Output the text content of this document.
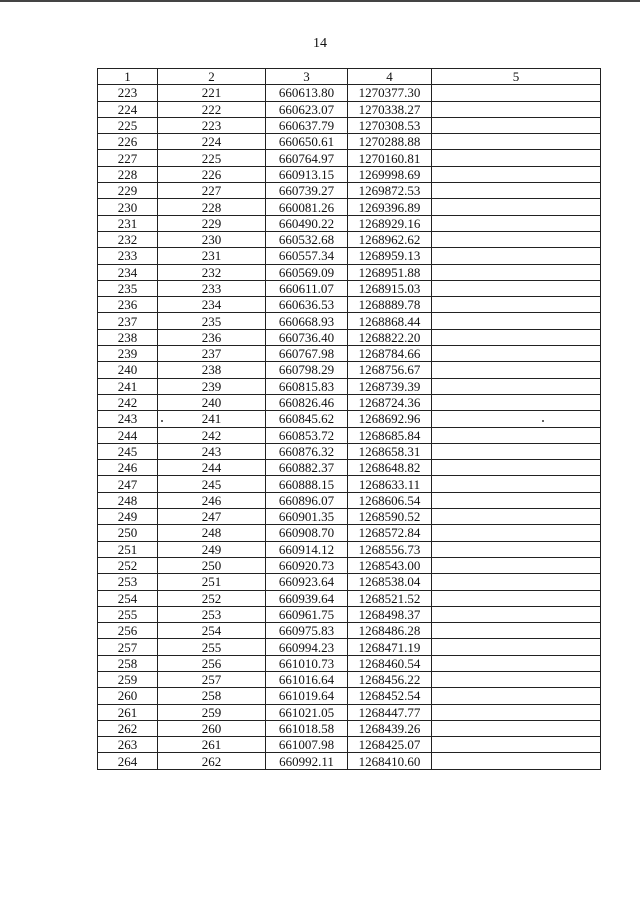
14
1	2	3	4	5
223	221	660613.80	1270377.30	
224	222	660623.07	1270338.27	
225	223	660637.79	1270308.53	
226	224	660650.61	1270288.88	
227	225	660764.97	1270160.81	
228	226	660913.15	1269998.69	
229	227	660739.27	1269872.53	
230	228	660081.26	1269396.89	
231	229	660490.22	1268929.16	
232	230	660532.68	1268962.62	
233	231	660557.34	1268959.13	
234	232	660569.09	1268951.88	
235	233	660611.07	1268915.03	
236	234	660636.53	1268889.78	
237	235	660668.93	1268868.44	
238	236	660736.40	1268822.20	
239	237	660767.98	1268784.66	
240	238	660798.29	1268756.67	
241	239	660815.83	1268739.39	
242	240	660826.46	1268724.36	
243	241	660845.62	1268692.96	
244	242	660853.72	1268685.84	
245	243	660876.32	1268658.31	
246	244	660882.37	1268648.82	
247	245	660888.15	1268633.11	
248	246	660896.07	1268606.54	
249	247	660901.35	1268590.52	
250	248	660908.70	1268572.84	
251	249	660914.12	1268556.73	
252	250	660920.73	1268543.00	
253	251	660923.64	1268538.04	
254	252	660939.64	1268521.52	
255	253	660961.75	1268498.37	
256	254	660975.83	1268486.28	
257	255	660994.23	1268471.19	
258	256	661010.73	1268460.54	
259	257	661016.64	1268456.22	
260	258	661019.64	1268452.54	
261	259	661021.05	1268447.77	
262	260	661018.58	1268439.26	
263	261	661007.98	1268425.07	
264	262	660992.11	1268410.60	
